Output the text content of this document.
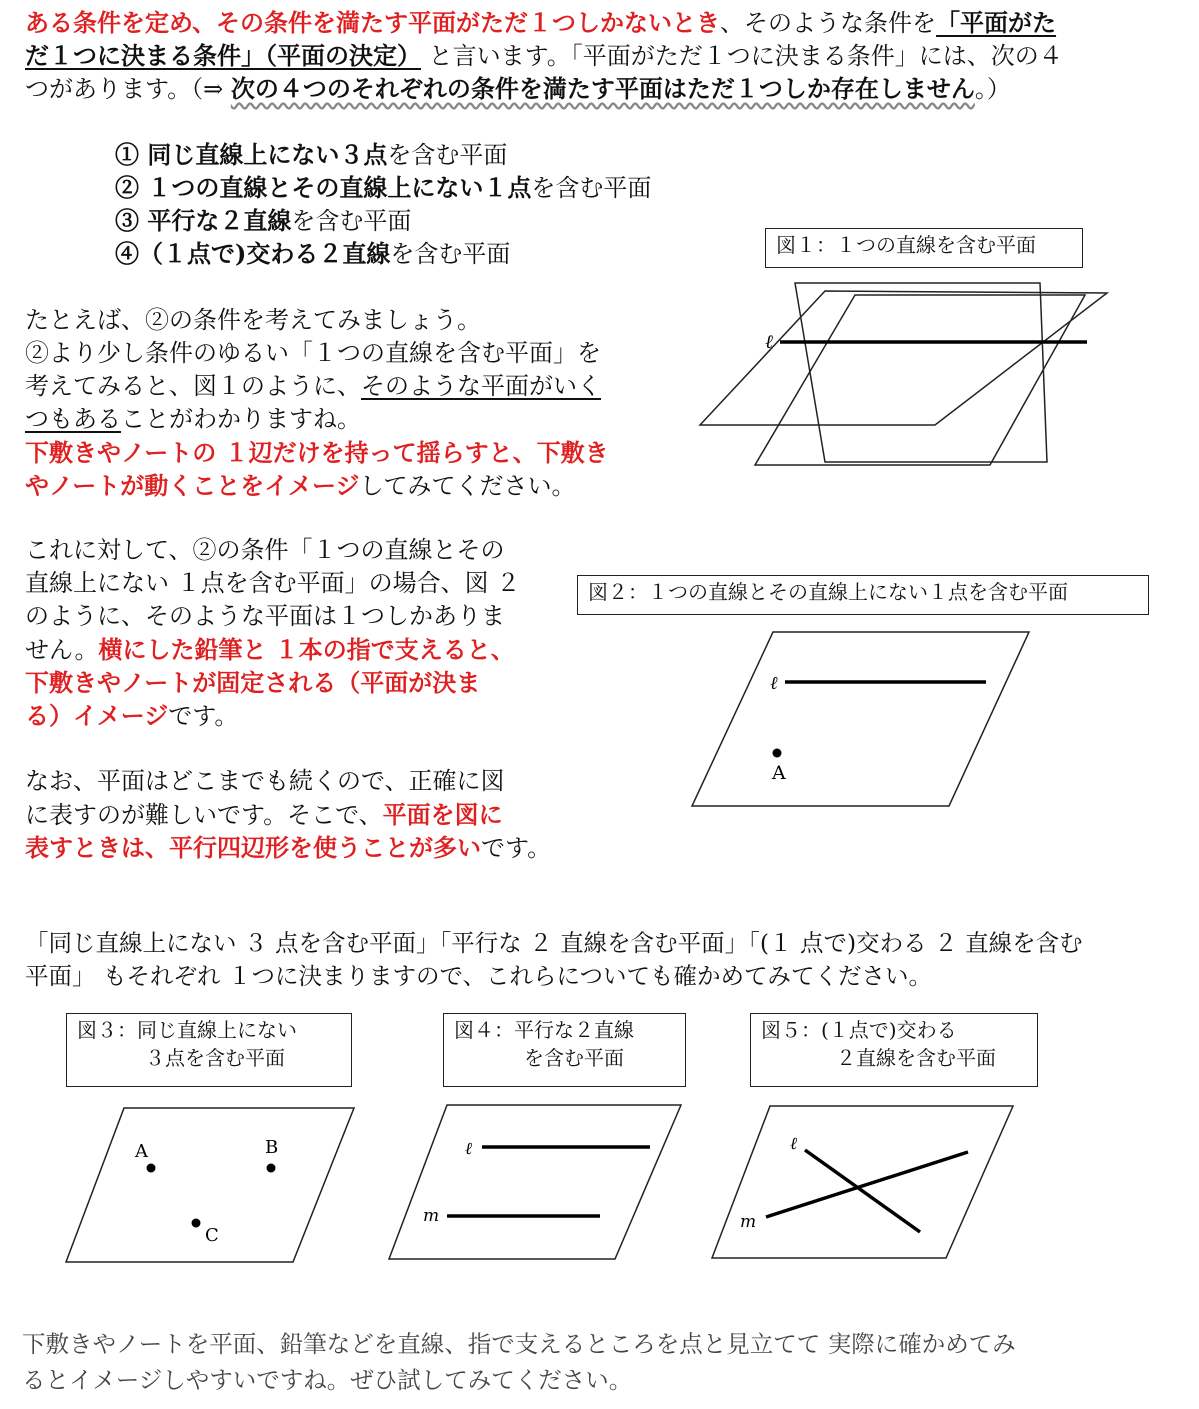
ある条件を定め、その条件を満たす平面がただ１つしかないとき、そのような条件を「平面がた
だ１つに決まる条件」（平面の決定） と言います。「平面がただ１つに決まる条件」には、次の４
つがあります。（⇒ 次の４つのそれぞれの条件を満たす平面はただ１つしか存在しません。）
① 同じ直線上にない３点を含む平面
② １つの直線とその直線上にない１点を含む平面
③ 平行な２直線を含む平面
④（１点で)交わる２直線を含む平面	図１：１つの直線を含む平面
ℓ
たとえば、②の条件を考えてみましょう。
②より少し条件のゆるい「１つの直線を含む平面」を
考えてみると、図１のように、そのような平面がいく
つもあることがわかりますね。
下敷きやノートの １辺だけを持って揺らすと、下敷き
やノートが動くことをイメージしてみてください。
これに対して、②の条件「１つの直線とその
直線上にない １点を含む平面」の場合、図 ２
のように、そのような平面は１つしかありま
せん。横にした鉛筆と １本の指で支えると、
下敷きやノートが固定される（平面が決ま
る）イメージです。
図２：１つの直線とその直線上にない１点を含む平面
ℓ
A
なお、平面はどこまでも続くので、正確に図
に表すのが難しいです。そこで、平面を図に
表すときは、平行四辺形を使うことが多いです。
「同じ直線上にない ３ 点を含む平面」「平行な ２ 直線を含む平面」「(１ 点で)交わる ２ 直線を含む
平面」 もそれぞれ １つに決まりますので、これらについても確かめてみてください。
図３：同じ直線上にない
３点を含む平面
A	B
C
図４：平行な２直線
を含む平面
ℓ
m
図５：(１点で)交わる
２直線を含む平面
ℓ
m
下敷きやノートを平面、鉛筆などを直線、指で支えるところを点と見立てて 実際に確かめてみ
るとイメージしやすいですね。ぜひ試してみてください。
